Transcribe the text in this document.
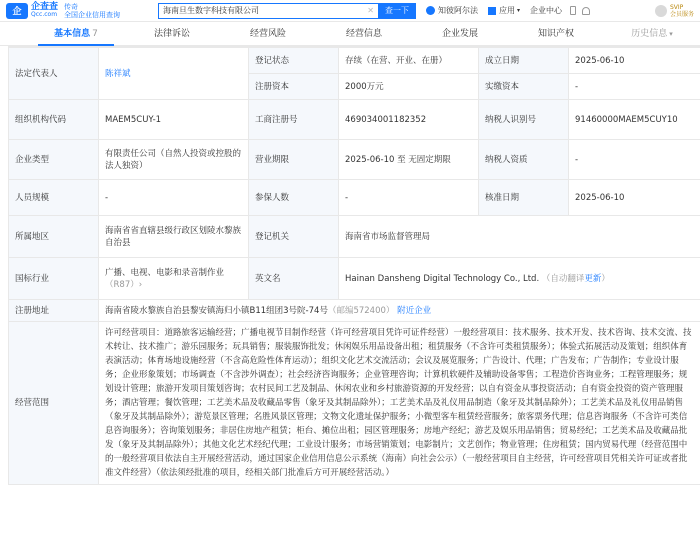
企
企查查
Qcc.com
传奇
全国企业信用查询	海南旦生数字科技有限公司	✕	查一下	知彼阿尔法	应用 ▾ 企业中心	SVIP
会员服务
基本信息 7	法律诉讼	经营风险	经营信息	企业发展	知识产权	历史信息 ▾
法定代表人	陈祥斌	登记状态	存续（在营、开业、在册）	成立日期	2025-06-10
		注册资本	2000万元	实缴资本	-
组织机构代码	MAEM5CUY-1	工商注册号	469034001182352	纳税人识别号	91460000MAEM5CUY10
企业类型	有限责任公司（自然人投资或控股的法人独资）	营业期限	2025-06-10 至 无固定期限	纳税人资质	-
人员规模	-	参保人数	-	核准日期	2025-06-10
所属地区	海南省省直辖县级行政区划陵水黎族自治县	登记机关	海南省市场监督管理局		
国标行业	广播、电视、电影和录音制作业 （R87）›	英文名	Hainan Dansheng Digital Technology Co., Ltd. （自动翻译更新）		
注册地址	海南省陵水黎族自治县黎安镇海归小镇B11组团3号院-74号（邮编572400） 附近企业				
经营范围	许可经营项目：道路旅客运输经营；广播电视节目制作经营（许可经营项目凭许可证件经营）一般经营项目：技术服务、技术开发、技术咨询、技术交流、技术转让、技术推广；游乐园服务；玩具销售；服装服饰批发；休闲娱乐用品设备出租；租赁服务（不含许可类租赁服务）；体验式拓展活动及策划；组织体育表演活动；体育场地设施经营（不含高危险性体育运动）；组织文化艺术交流活动；会议及展览服务；广告设计、代理；广告发布；广告制作；专业设计服务；企业形象策划；市场调查（不含涉外调查）；社会经济咨询服务；企业管理咨询；计算机软硬件及辅助设备零售；工程造价咨询业务；工程管理服务；规划设计管理；旅游开发项目策划咨询；农村民间工艺及制品、休闲农业和乡村旅游资源的开发经营；以自有资金从事投资活动；自有资金投资的资产管理服务；酒店管理；餐饮管理；工艺美术品及收藏品零售（象牙及其制品除外）；工艺美术品及礼仪用品制造（象牙及其制品除外）；工艺美术品及礼仪用品销售（象牙及其制品除外）；游览景区管理；名胜风景区管理；文物文化遗址保护服务；小微型客车租赁经营服务；旅客票务代理；信息咨询服务（不含许可类信息咨询服务）；咨询策划服务；非居住房地产租赁；柜台、摊位出租；园区管理服务；房地产经纪；游艺及娱乐用品销售；贸易经纪；工艺美术品及收藏品批发（象牙及其制品除外）；其他文化艺术经纪代理；工业设计服务；市场营销策划；电影制片；文艺创作；物业管理；住房租赁；国内贸易代理（经营范围中的一般经营项目依法自主开展经营活动，通过国家企业信用信息公示系统（海南）向社会公示）（一般经营项目自主经营，许可经营项目凭相关许可证或者批准文件经营）（依法须经批准的项目，经相关部门批准后方可开展经营活动。）				
